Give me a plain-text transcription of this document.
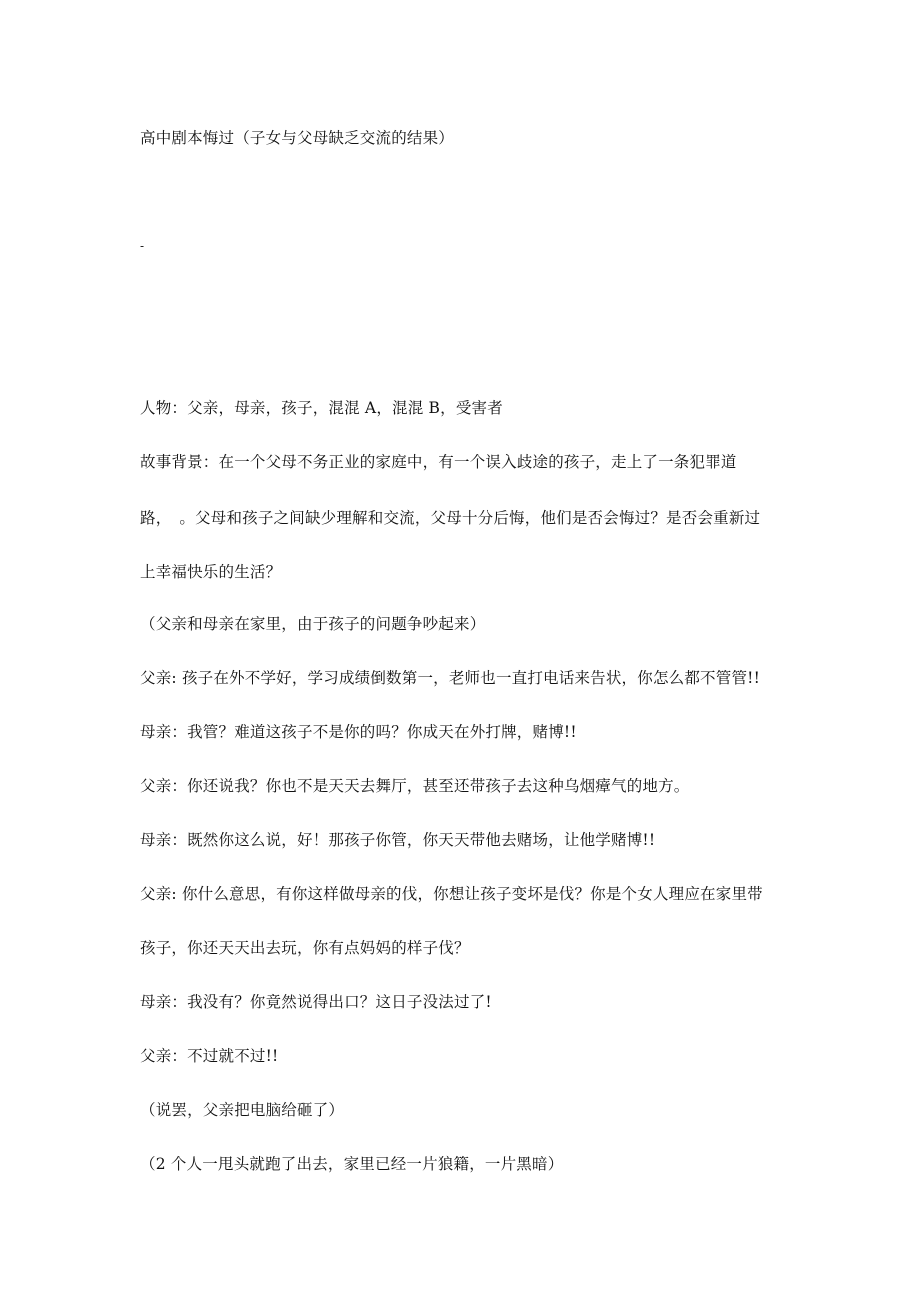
高中剧本悔过（子女与父母缺乏交流的结果）
-
人物：父亲，母亲，孩子，混混 A，混混 B，受害者
故事背景：在一个父母不务正业的家庭中，有一个误入歧途的孩子，走上了一条犯罪道
路，　。父母和孩子之间缺少理解和交流，父母十分后悔，他们是否会悔过？是否会重新过
上幸福快乐的生活？
（父亲和母亲在家里，由于孩子的问题争吵起来）
父亲: 孩子在外不学好，学习成绩倒数第一，老师也一直打电话来告状，你怎么都不管管!!
母亲：我管？难道这孩子不是你的吗？你成天在外打牌，赌博!!
父亲：你还说我？你也不是天天去舞厅，甚至还带孩子去这种乌烟瘴气的地方。
母亲：既然你这么说，好！那孩子你管，你天天带他去赌场，让他学赌博!!
父亲: 你什么意思，有你这样做母亲的伐，你想让孩子变坏是伐？你是个女人理应在家里带
孩子，你还天天出去玩，你有点妈妈的样子伐？
母亲：我没有？你竟然说得出口？这日子没法过了!
父亲：不过就不过!!
（说罢，父亲把电脑给砸了）
（2 个人一甩头就跑了出去，家里已经一片狼籍，一片黑暗）
